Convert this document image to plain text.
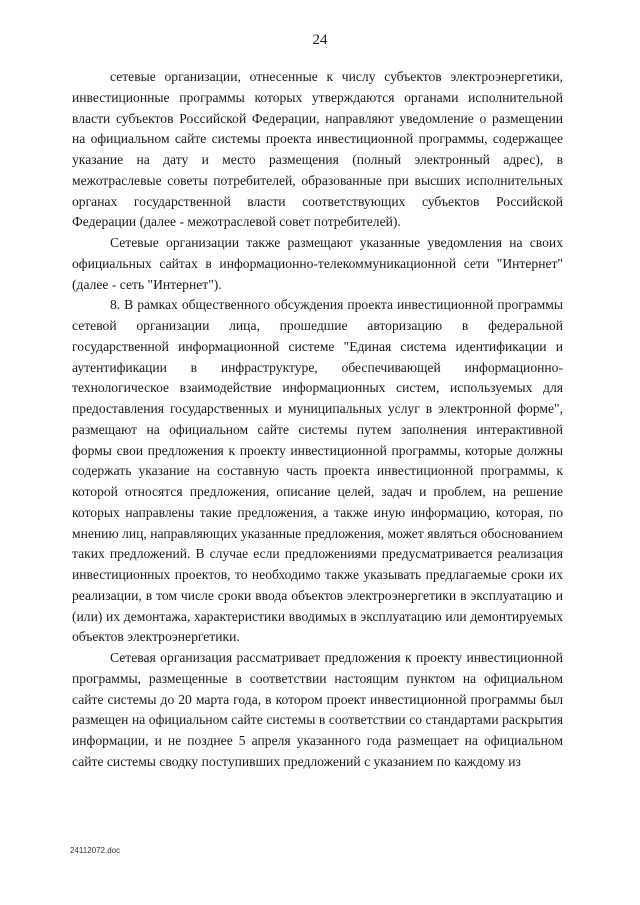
24

сетевые организации, отнесенные к числу субъектов электроэнергетики, инвестиционные программы которых утверждаются органами исполнительной власти субъектов Российской Федерации, направляют уведомление о размещении на официальном сайте системы проекта инвестиционной программы, содержащее указание на дату и место размещения (полный электронный адрес), в межотраслевые советы потребителей, образованные при высших исполнительных органах государственной власти соответствующих субъектов Российской Федерации (далее - межотраслевой совет потребителей).

Сетевые организации также размещают указанные уведомления на своих официальных сайтах в информационно-телекоммуникационной сети "Интернет" (далее - сеть "Интернет").

8. В рамках общественного обсуждения проекта инвестиционной программы сетевой организации лица, прошедшие авторизацию в федеральной государственной информационной системе "Единая система идентификации и аутентификации в инфраструктуре, обеспечивающей информационно-технологическое взаимодействие информационных систем, используемых для предоставления государственных и муниципальных услуг в электронной форме", размещают на официальном сайте системы путем заполнения интерактивной формы свои предложения к проекту инвестиционной программы, которые должны содержать указание на составную часть проекта инвестиционной программы, к которой относятся предложения, описание целей, задач и проблем, на решение которых направлены такие предложения, а также иную информацию, которая, по мнению лиц, направляющих указанные предложения, может являться обоснованием таких предложений. В случае если предложениями предусматривается реализация инвестиционных проектов, то необходимо также указывать предлагаемые сроки их реализации, в том числе сроки ввода объектов электроэнергетики в эксплуатацию и (или) их демонтажа, характеристики вводимых в эксплуатацию или демонтируемых объектов электроэнергетики.

Сетевая организация рассматривает предложения к проекту инвестиционной программы, размещенные в соответствии настоящим пунктом на официальном сайте системы до 20 марта года, в котором проект инвестиционной программы был размещен на официальном сайте системы в соответствии со стандартами раскрытия информации, и не позднее 5 апреля указанного года размещает на официальном сайте системы сводку поступивших предложений с указанием по каждому из

24112072.doc
